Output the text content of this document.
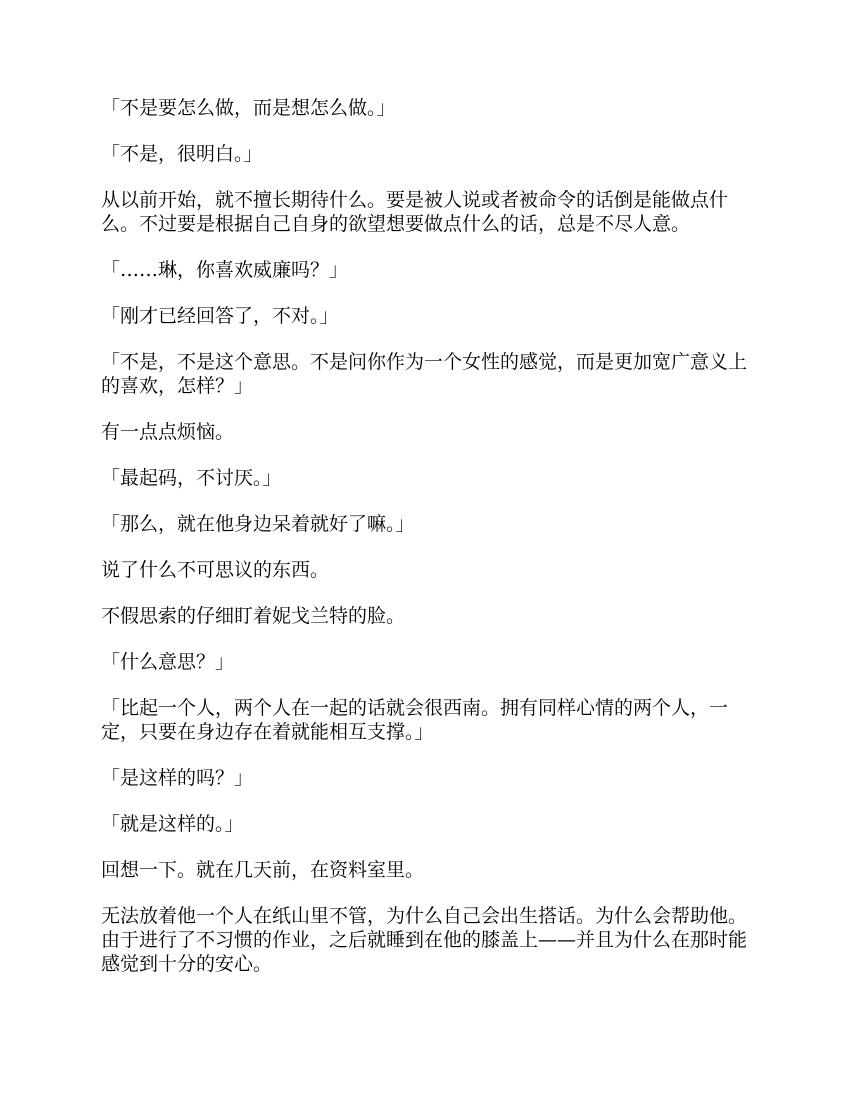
「不是要怎么做，而是想怎么做。」

「不是，很明白。」

从以前开始，就不擅长期待什么。要是被人说或者被命令的话倒是能做点什么。不过要是根据自己自身的欲望想要做点什么的话，总是不尽人意。

「……琳，你喜欢威廉吗？」

「刚才已经回答了，不对。」

「不是，不是这个意思。不是问你作为一个女性的感觉，而是更加宽广意义上的喜欢，怎样？」

有一点点烦恼。

「最起码，不讨厌。」

「那么，就在他身边呆着就好了嘛。」

说了什么不可思议的东西。

不假思索的仔细盯着妮戈兰特的脸。

「什么意思？」

「比起一个人，两个人在一起的话就会很西南。拥有同样心情的两个人，一定，只要在身边存在着就能相互支撑。」

「是这样的吗？」

「就是这样的。」

回想一下。就在几天前，在资料室里。

无法放着他一个人在纸山里不管，为什么自己会出生搭话。为什么会帮助他。由于进行了不习惯的作业，之后就睡到在他的膝盖上——并且为什么在那时能感觉到十分的安心。
